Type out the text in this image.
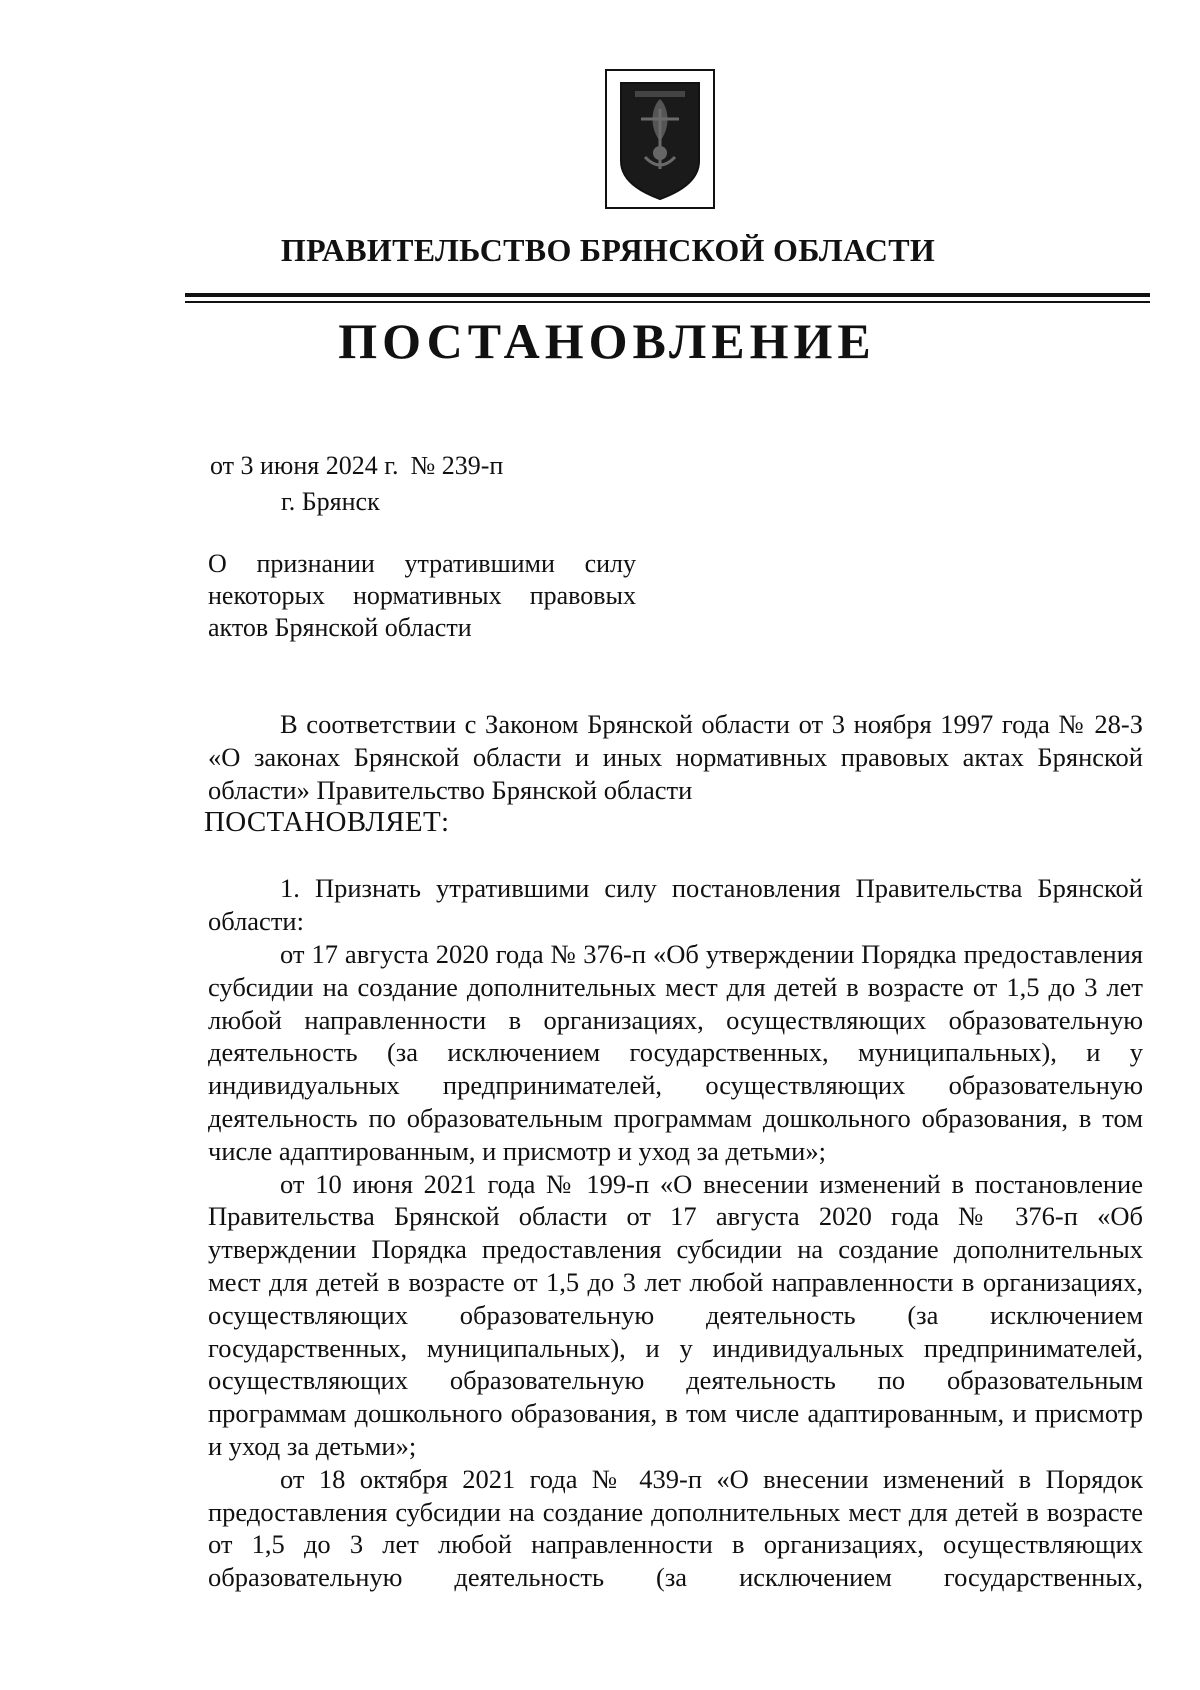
ПРАВИТЕЛЬСТВО БРЯНСКОЙ ОБЛАСТИ
ПОСТАНОВЛЕНИЕ
от 3 июня 2024 г. № 239-п
г. Брянск
О признании утратившими силу
некоторых нормативных правовых
актов Брянской области

В соответствии с Законом Брянской области от 3 ноября 1997 года № 28-З «О законах Брянской области и иных нормативных правовых актах Брянской области» Правительство Брянской области

ПОСТАНОВЛЯЕТ:

1. Признать утратившими силу постановления Правительства Брянской области:

от 17 августа 2020 года № 376-п «Об утверждении Порядка предоставления субсидии на создание дополнительных мест для детей в возрасте от 1,5 до 3 лет любой направленности в организациях, осуществляющих образовательную деятельность (за исключением государственных, муниципальных), и у индивидуальных предпринимателей, осуществляющих образовательную деятельность по образовательным программам дошкольного образования, в том числе адаптированным, и присмотр и уход за детьми»;

от 10 июня 2021 года № 199-п «О внесении изменений в постановление Правительства Брянской области от 17 августа 2020 года № 376-п «Об утверждении Порядка предоставления субсидии на создание дополнительных мест для детей в возрасте от 1,5 до 3 лет любой направленности в организациях, осуществляющих образовательную деятельность (за исключением государственных, муниципальных), и у индивидуальных предпринимателей, осуществляющих образовательную деятельность по образовательным программам дошкольного образования, в том числе адаптированным, и присмотр и уход за детьми»;

от 18 октября 2021 года № 439-п «О внесении изменений в Порядок предоставления субсидии на создание дополнительных мест для детей в возрасте от 1,5 до 3 лет любой направленности в организациях, осуществляющих образовательную деятельность (за исключением государственных,
